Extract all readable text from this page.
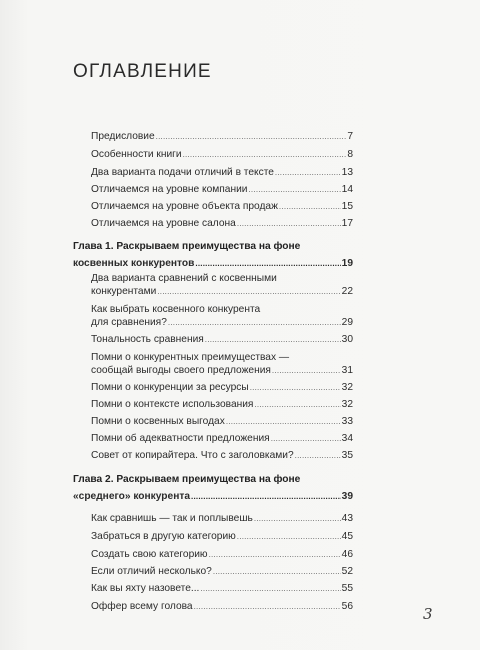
ОГЛАВЛЕНИЕ
Предисловие . . .	7
Особенности книги . . .	8
Два варианта подачи отличий в тексте . . .	13
Отличаемся на уровне компании . . .	14
Отличаемся на уровне объекта продаж . . .	15
Отличаемся на уровне салона . . .	17
Глава 1. Раскрываем преимущества на фоне
косвенных конкурентов . . .	19
Два варианта сравнений с косвенными
конкурентами . . .	22
Как выбрать косвенного конкурента
для сравнения? . . .	29
Тональность сравнения . . .	30
Помни о конкурентных преимуществах —
сообщай выгоды своего предложения . . .	31
Помни о конкуренции за ресурсы . . .	32
Помни о контексте использования . . .	32
Помни о косвенных выгодах . . .	33
Помни об адекватности предложения . . .	34
Совет от копирайтера. Что с заголовками? . . .	35
Глава 2. Раскрываем преимущества на фоне
«среднего» конкурента . . .	39
Как сравнишь — так и поплывешь . . .	43
Забраться в другую категорию . . .	45
Создать свою категорию . . .	46
Если отличий несколько? . . .	52
Как вы яхту назовете... . . .	55
Оффер всему голова . . .	56	3
